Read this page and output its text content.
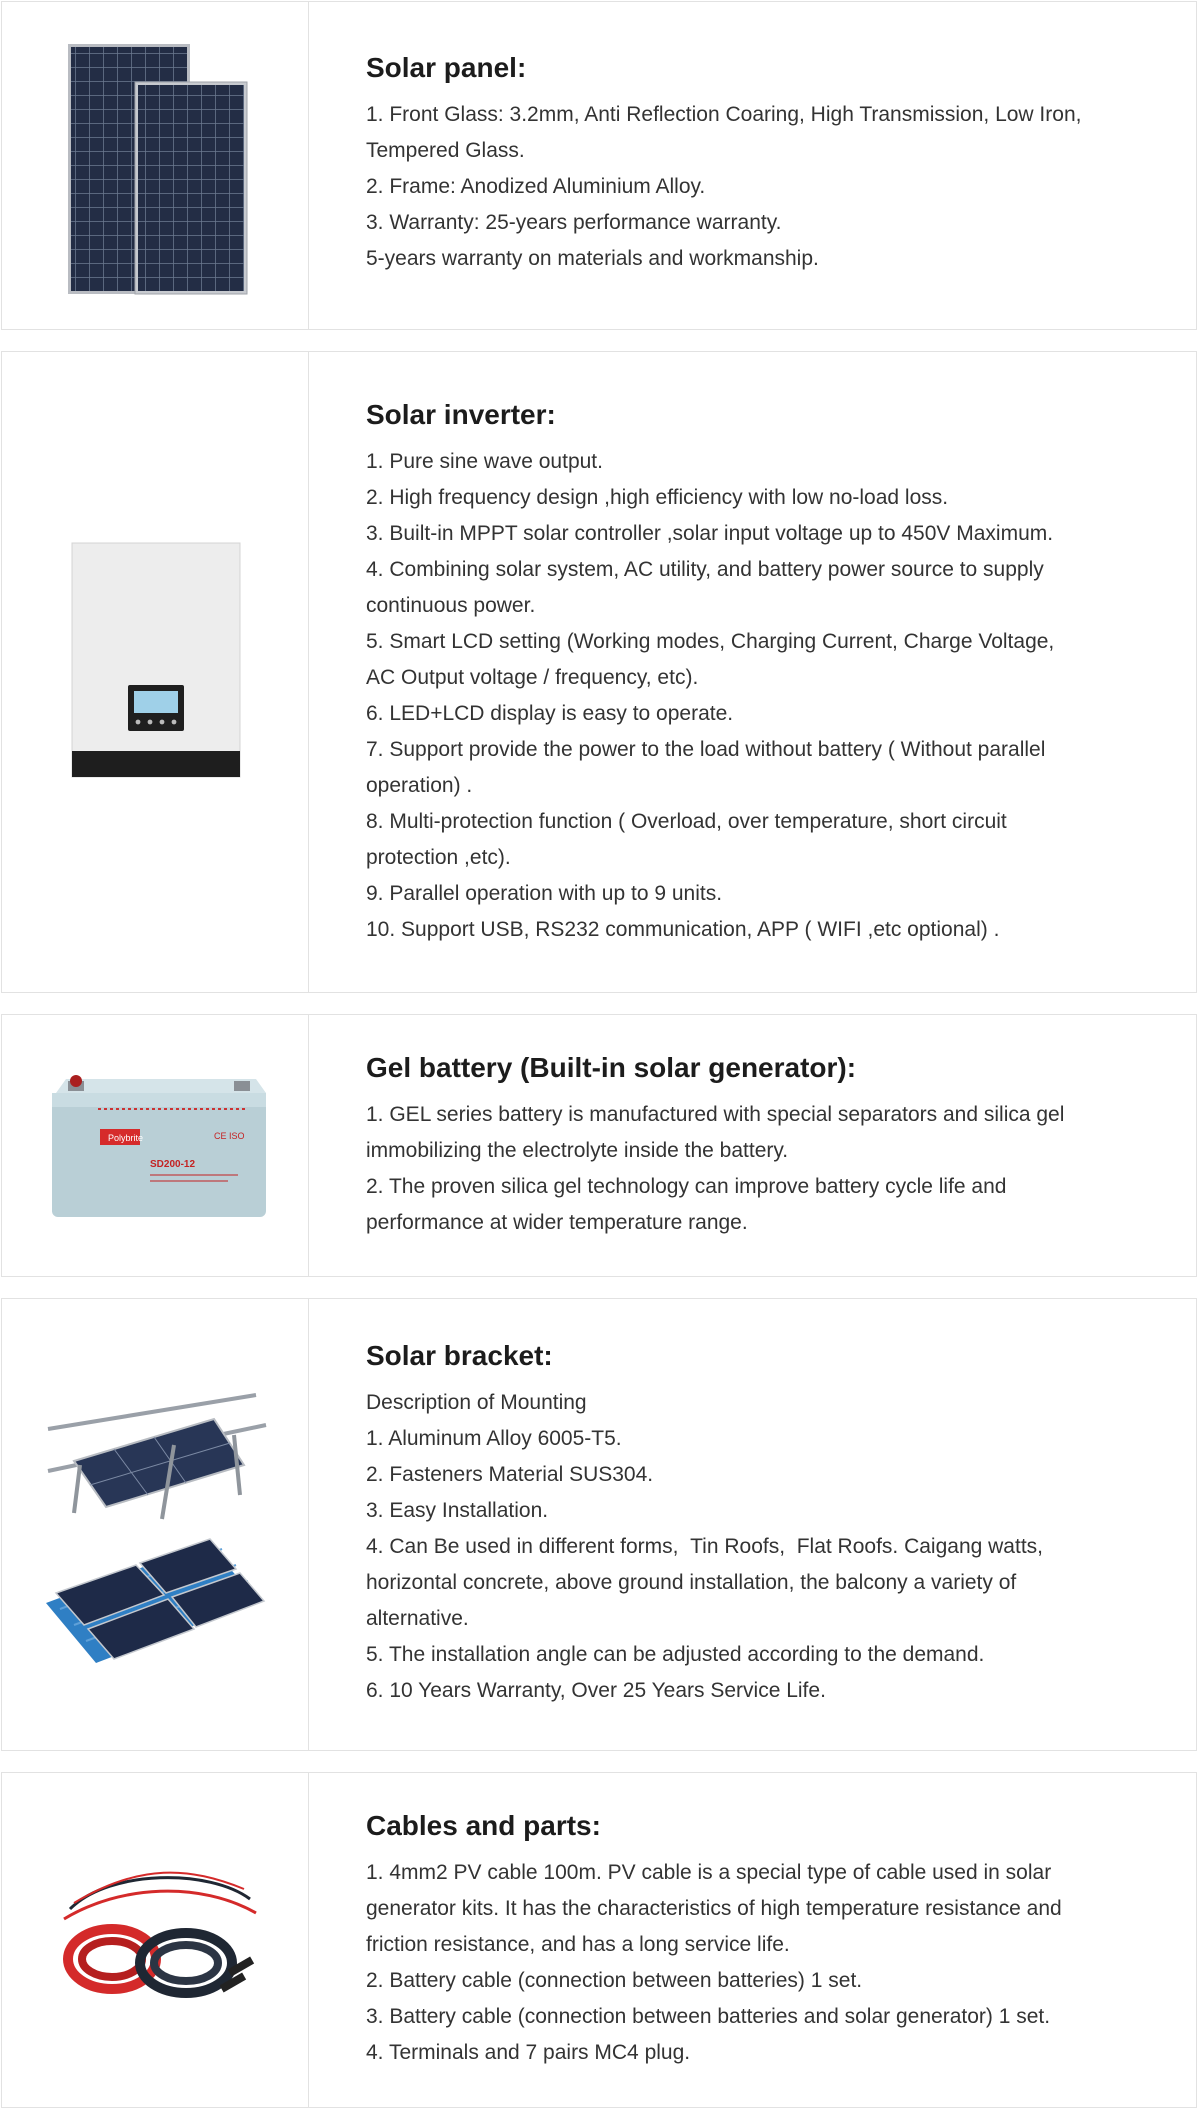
Solar panel:
1. Front Glass: 3.2mm, Anti Reflection Coaring, High Transmission, Low Iron,
Tempered Glass.
2. Frame: Anodized Aluminium Alloy.
3. Warranty: 25-years performance warranty.
5-years warranty on materials and workmanship.
Solar inverter:
1. Pure sine wave output.
2. High frequency design ,high efficiency with low no-load loss.
3. Built-in MPPT solar controller ,solar input voltage up to 450V Maximum.
4. Combining solar system, AC utility, and battery power source to supply
continuous power.
5. Smart LCD setting (Working modes, Charging Current, Charge Voltage,
AC Output voltage / frequency, etc).
6. LED+LCD display is easy to operate.
7. Support provide the power to the load without battery ( Without parallel
operation) .
8. Multi-protection function ( Overload, over temperature, short circuit
protection ,etc).
9. Parallel operation with up to 9 units.
10. Support USB, RS232 communication, APP ( WIFI ,etc optional) .
Polybrite
SD200-12
CE ISO
Gel battery (Built-in solar generator):
1. GEL series battery is manufactured with special separators and silica gel
immobilizing the electrolyte inside the battery.
2. The proven silica gel technology can improve battery cycle life and
performance at wider temperature range.
Solar bracket:
Description of Mounting
1. Aluminum Alloy 6005-T5.
2. Fasteners Material SUS304.
3. Easy Installation.
4. Can Be used in different forms,  Tin Roofs,  Flat Roofs. Caigang watts,
horizontal concrete, above ground installation, the balcony a variety of
alternative.
5. The installation angle can be adjusted according to the demand.
6. 10 Years Warranty, Over 25 Years Service Life.
Cables and parts:
1. 4mm2 PV cable 100m. PV cable is a special type of cable used in solar
generator kits. It has the characteristics of high temperature resistance and
friction resistance, and has a long service life.
2. Battery cable (connection between batteries) 1 set.
3. Battery cable (connection between batteries and solar generator) 1 set.
4. Terminals and 7 pairs MC4 plug.
